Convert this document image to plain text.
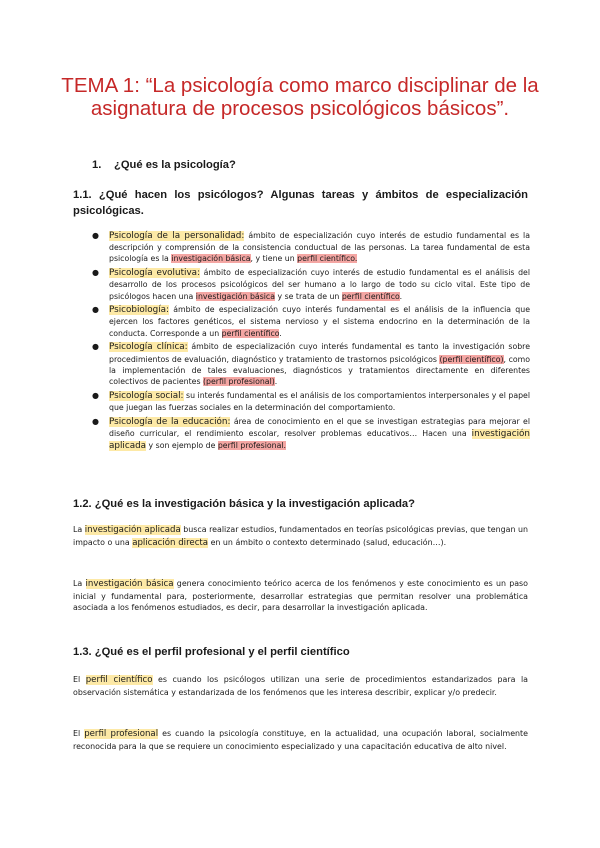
TEMA 1: “La psicología como marco disciplinar de la asignatura de procesos psicológicos básicos”.
1. ¿Qué es la psicología?
1.1. ¿Qué hacen los psicólogos? Algunas tareas y ámbitos de especialización psicológicas.
● Psicología de la personalidad: ámbito de especialización cuyo interés de estudio fundamental es la descripción y comprensión de la consistencia conductual de las personas. La tarea fundamental de esta psicología es la investigación básica, y tiene un perfil científico.
● Psicología evolutiva: ámbito de especialización cuyo interés de estudio fundamental es el análisis del desarrollo de los procesos psicológicos del ser humano a lo largo de todo su ciclo vital. Este tipo de psicólogos hacen una investigación básica y se trata de un perfil científico.
● Psicobiología: ámbito de especialización cuyo interés fundamental es el análisis de la influencia que ejercen los factores genéticos, el sistema nervioso y el sistema endocrino en la determinación de la conducta. Corresponde a un perfil científico.
● Psicología clínica: ámbito de especialización cuyo interés fundamental es tanto la investigación sobre procedimientos de evaluación, diagnóstico y tratamiento de trastornos psicológicos (perfil científico), como la implementación de tales evaluaciones, diagnósticos y tratamientos directamente en diferentes colectivos de pacientes (perfil profesional).
● Psicología social: su interés fundamental es el análisis de los comportamientos interpersonales y el papel que juegan las fuerzas sociales en la determinación del comportamiento.
● Psicología de la educación: área de conocimiento en el que se investigan estrategias para mejorar el diseño curricular, el rendimiento escolar, resolver problemas educativos… Hacen una investigación aplicada y son ejemplo de perfil profesional.
1.2. ¿Qué es la investigación básica y la investigación aplicada?

La investigación aplicada busca realizar estudios, fundamentados en teorías psicológicas previas, que tengan un impacto o una aplicación directa en un ámbito o contexto determinado (salud, educación…).

La investigación básica genera conocimiento teórico acerca de los fenómenos y este conocimiento es un paso inicial y fundamental para, posteriormente, desarrollar estrategias que permitan resolver una problemática asociada a los fenómenos estudiados, es decir, para desarrollar la investigación aplicada.

1.3. ¿Qué es el perfil profesional y el perfil científico

El perfil científico es cuando los psicólogos utilizan una serie de procedimientos estandarizados para la observación sistemática y estandarizada de los fenómenos que les interesa describir, explicar y/o predecir.

El perfil profesional es cuando la psicología constituye, en la actualidad, una ocupación laboral, socialmente reconocida para la que se requiere un conocimiento especializado y una capacitación educativa de alto nivel.
